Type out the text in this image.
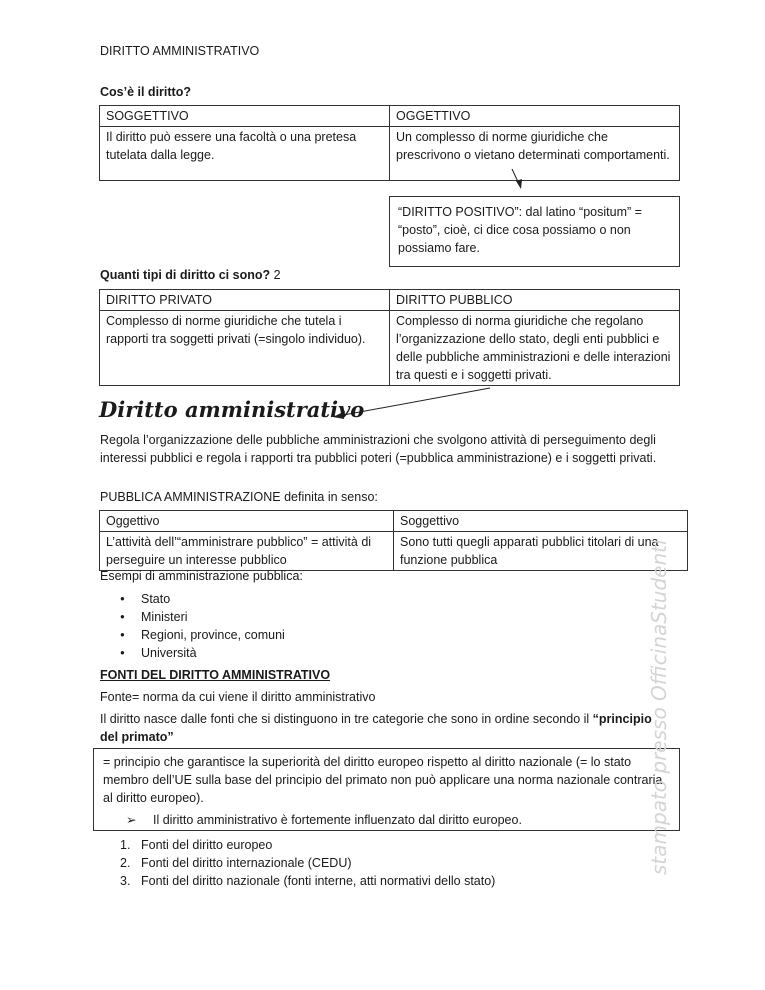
DIRITTO AMMINISTRATIVO
Cos’è il diritto?
SOGGETTIVO	OGGETTIVO
Il diritto può essere una facoltà o una pretesa tutelata dalla legge.	Un complesso di norme giuridiche che prescrivono o vietano determinati comportamenti.
“DIRITTO POSITIVO”: dal latino “positum” = “posto”, cioè, ci dice cosa possiamo o non possiamo fare.
Quanti tipi di diritto ci sono? 2
DIRITTO PRIVATO	DIRITTO PUBBLICO
Complesso di norme giuridiche che tutela i rapporti tra soggetti privati (=singolo individuo).	Complesso di norma giuridiche che regolano l’organizzazione dello stato, degli enti pubblici e delle pubbliche amministrazioni e delle interazioni tra questi e i soggetti privati.
Diritto amministrativo
Regola l’organizzazione delle pubbliche amministrazioni che svolgono attività di perseguimento degli interessi pubblici e regola i rapporti tra pubblici poteri (=pubblica amministrazione) e i soggetti privati.
PUBBLICA AMMINISTRAZIONE definita in senso:
Oggettivo	Soggettivo
L’attività dell’“amministrare pubblico” = attività di perseguire un interesse pubblico	Sono tutti quegli apparati pubblici titolari di una funzione pubblica
Esempi di amministrazione pubblica:
● Stato
● Ministeri
● Regioni, province, comuni
● Università
FONTI DEL DIRITTO AMMINISTRATIVO
Fonte= norma da cui viene il diritto amministrativo
Il diritto nasce dalle fonti che si distinguono in tre categorie che sono in ordine secondo il “principio del primato”
= principio che garantisce la superiorità del diritto europeo rispetto al diritto nazionale (= lo stato membro dell’UE sulla base del principio del primato non può applicare una norma nazionale contraria al diritto europeo).
➢ Il diritto amministrativo è fortemente influenzato dal diritto europeo.
1. Fonti del diritto europeo
2. Fonti del diritto internazionale (CEDU)
3. Fonti del diritto nazionale (fonti interne, atti normativi dello stato)
stampato presso OfficinaStudenti
